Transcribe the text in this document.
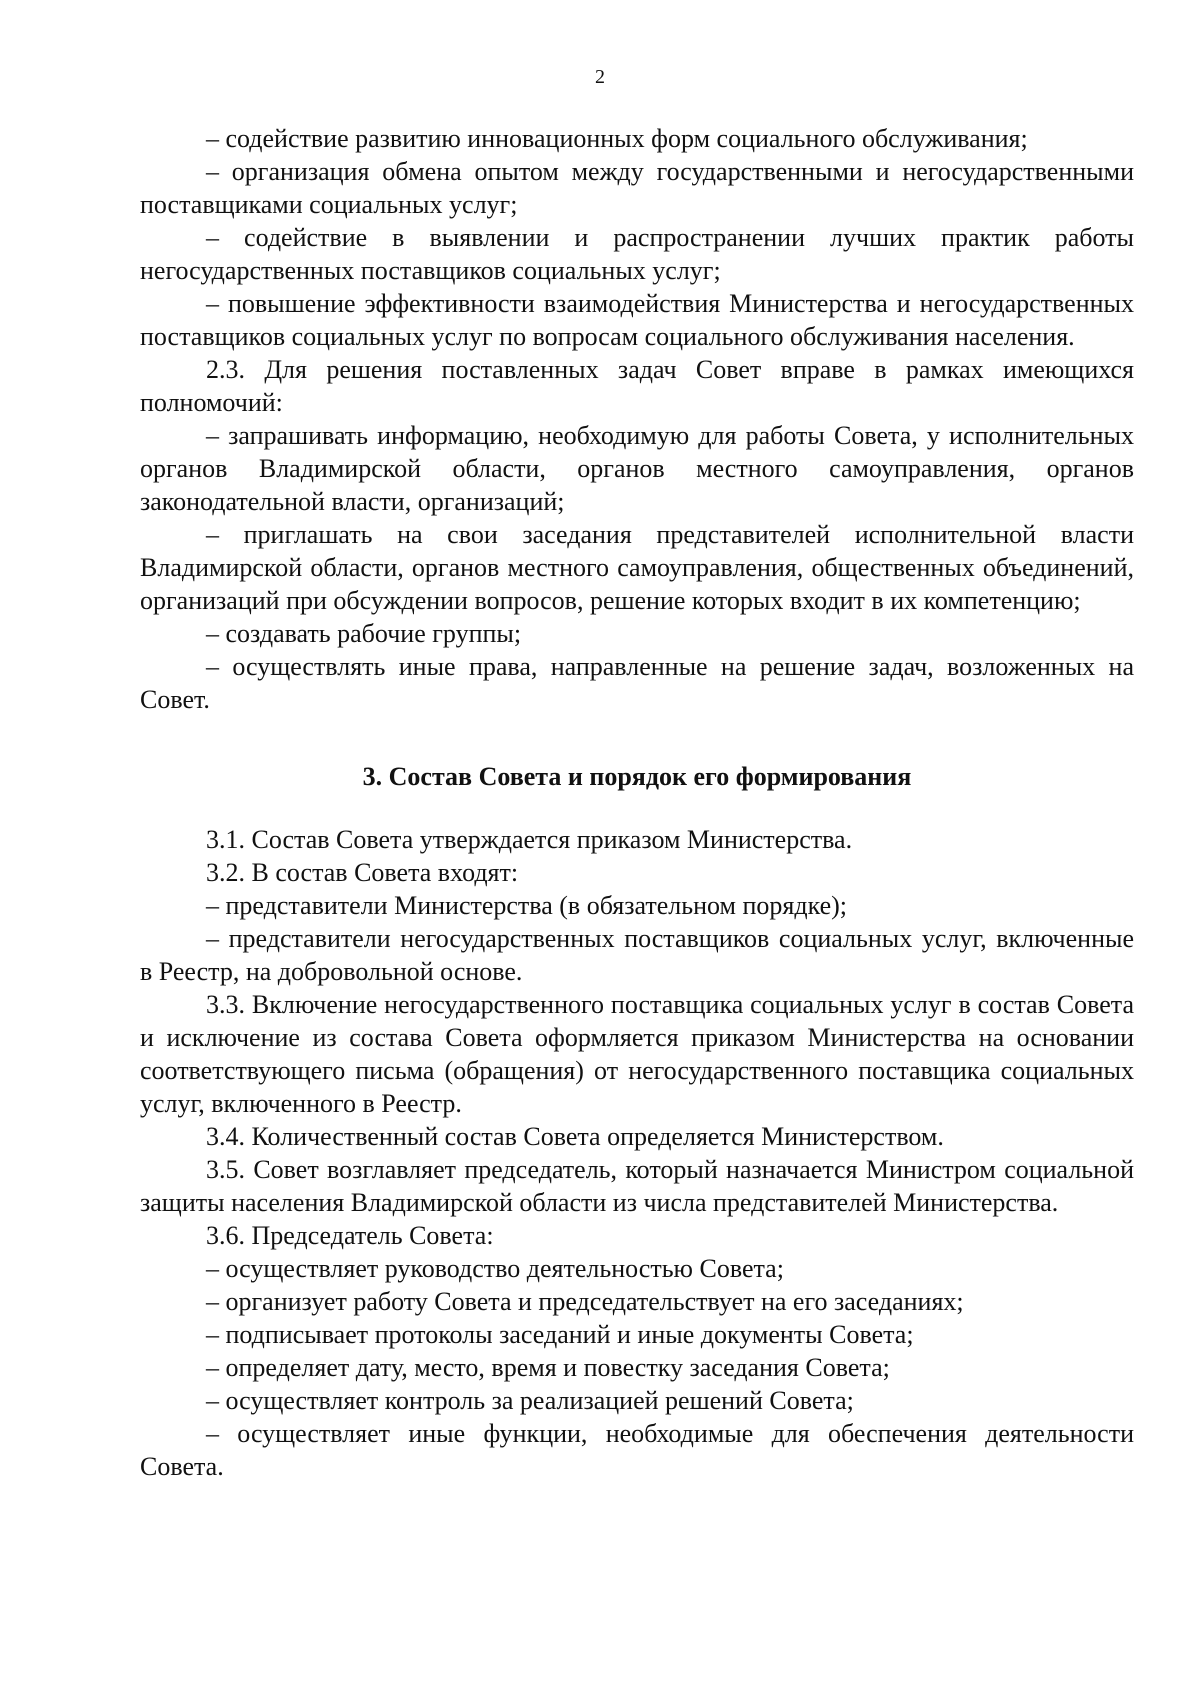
2

– содействие развитию инновационных форм социального обслуживания;

– организация обмена опытом между государственными и негосударственными поставщиками социальных услуг;

– содействие в выявлении и распространении лучших практик работы негосударственных поставщиков социальных услуг;

– повышение эффективности взаимодействия Министерства и негосударственных поставщиков социальных услуг по вопросам социального обслуживания населения.

2.3. Для решения поставленных задач Совет вправе в рамках имеющихся полномочий:

– запрашивать информацию, необходимую для работы Совета, у исполнительных органов Владимирской области, органов местного самоуправления, органов законодательной власти, организаций;

– приглашать на свои заседания представителей исполнительной власти Владимирской области, органов местного самоуправления, общественных объединений, организаций при обсуждении вопросов, решение которых входит в их компетенцию;

– создавать рабочие группы;

– осуществлять иные права, направленные на решение задач, возложенных на Совет.

3. Состав Совета и порядок его формирования

3.1. Состав Совета утверждается приказом Министерства.

3.2. В состав Совета входят:

– представители Министерства (в обязательном порядке);

– представители негосударственных поставщиков социальных услуг, включенные в Реестр, на добровольной основе.

3.3. Включение негосударственного поставщика социальных услуг в состав Совета и исключение из состава Совета оформляется приказом Министерства на основании соответствующего письма (обращения) от негосударственного поставщика социальных услуг, включенного в Реестр.

3.4. Количественный состав Совета определяется Министерством.

3.5. Совет возглавляет председатель, который назначается Министром социальной защиты населения Владимирской области из числа представителей Министерства.

3.6. Председатель Совета:

– осуществляет руководство деятельностью Совета;

– организует работу Совета и председательствует на его заседаниях;

– подписывает протоколы заседаний и иные документы Совета;

– определяет дату, место, время и повестку заседания Совета;

– осуществляет контроль за реализацией решений Совета;

– осуществляет иные функции, необходимые для обеспечения деятельности Совета.
